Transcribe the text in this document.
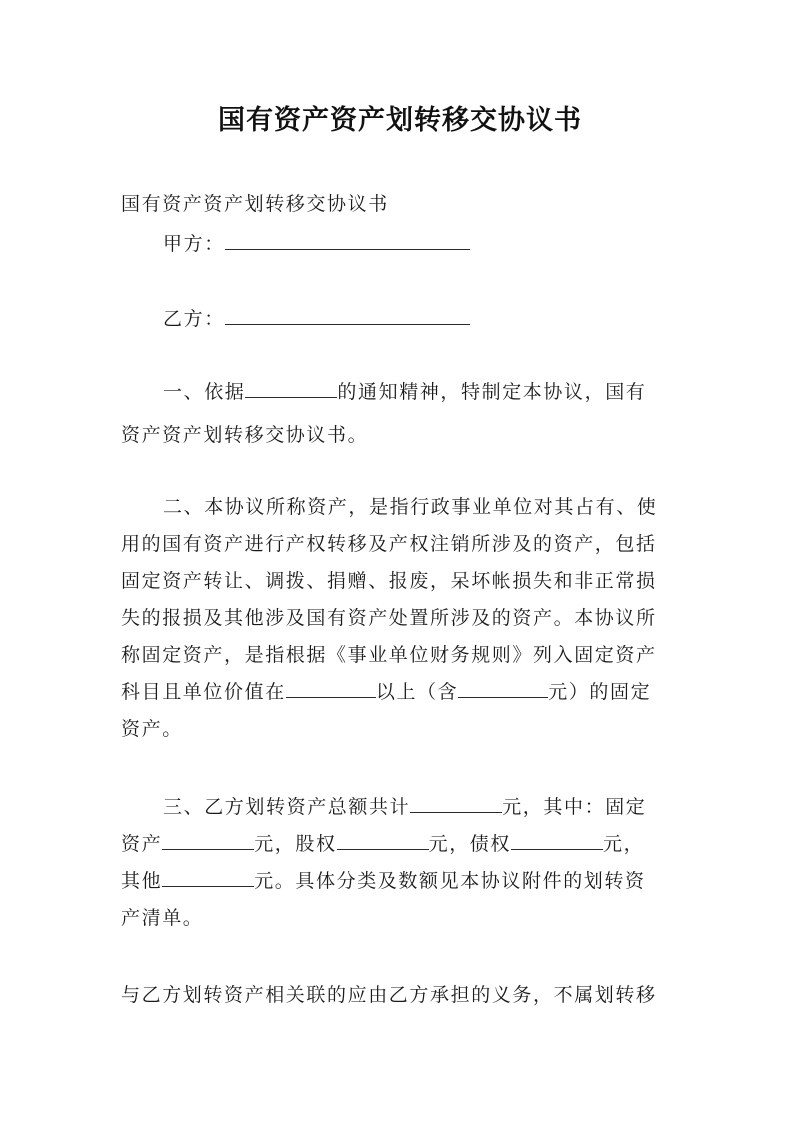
国有资产资产划转移交协议书
国有资产资产划转移交协议书
甲方：
乙方：
一、依据	的通知精神，特制定本协议，国有
资产资产划转移交协议书。
二、本协议所称资产，是指行政事业单位对其占有、使
用的国有资产进行产权转移及产权注销所涉及的资产，包括
固定资产转让、调拨、捐赠、报废，呆坏帐损失和非正常损
失的报损及其他涉及国有资产处置所涉及的资产。本协议所
称固定资产，是指根据《事业单位财务规则》列入固定资产
科目且单位价值在	以上（含	元）的固定
资产。
三、乙方划转资产总额共计	元，其中：固定
资产	元，股权	元，债权	元，
其他	元。具体分类及数额见本协议附件的划转资
产清单。
与乙方划转资产相关联的应由乙方承担的义务，不属划转移
